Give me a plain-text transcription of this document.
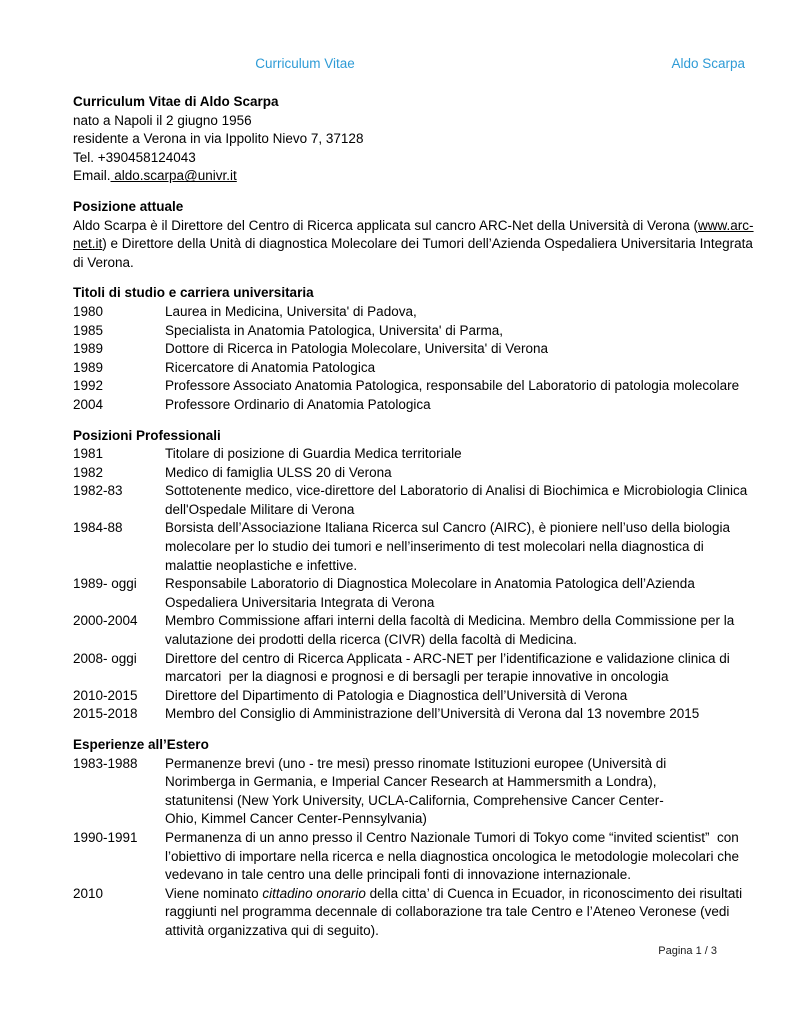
Curriculum Vitae	Aldo Scarpa
Curriculum Vitae di Aldo Scarpa
nato a Napoli il 2 giugno 1956
residente a Verona in via Ippolito Nievo 7, 37128
Tel. +390458124043
Email. aldo.scarpa@univr.it
Posizione attuale
Aldo Scarpa è il Direttore del Centro di Ricerca applicata sul cancro ARC-Net della Università di Verona (www.arc-
net.it) e Direttore della Unità di diagnostica Molecolare dei Tumori dell’Azienda Ospedaliera Universitaria Integrata
di Verona.
Titoli di studio e carriera universitaria
1980	Laurea in Medicina, Universita' di Padova,
1985	Specialista in Anatomia Patologica, Universita' di Parma,
1989	Dottore di Ricerca in Patologia Molecolare, Universita' di Verona
1989	Ricercatore di Anatomia Patologica
1992	Professore Associato Anatomia Patologica, responsabile del Laboratorio di patologia molecolare
2004	Professore Ordinario di Anatomia Patologica
Posizioni Professionali
1981	Titolare di posizione di Guardia Medica territoriale
1982	Medico di famiglia ULSS 20 di Verona
1982-83	Sottotenente medico, vice-direttore del Laboratorio di Analisi di Biochimica e Microbiologia Clinica
dell'Ospedale Militare di Verona
1984-88	Borsista dell’Associazione Italiana Ricerca sul Cancro (AIRC), è pioniere nell’uso della biologia
molecolare per lo studio dei tumori e nell’inserimento di test molecolari nella diagnostica di
malattie neoplastiche e infettive.
1989- oggi	Responsabile Laboratorio di Diagnostica Molecolare in Anatomia Patologica dell’Azienda
Ospedaliera Universitaria Integrata di Verona
2000-2004	Membro Commissione affari interni della facoltà di Medicina. Membro della Commissione per la
valutazione dei prodotti della ricerca (CIVR) della facoltà di Medicina.
2008- oggi	Direttore del centro di Ricerca Applicata - ARC-NET per l’identificazione e validazione clinica di
marcatori  per la diagnosi e prognosi e di bersagli per terapie innovative in oncologia
2010-2015	Direttore del Dipartimento di Patologia e Diagnostica dell’Università di Verona
2015-2018	Membro del Consiglio di Amministrazione dell’Università di Verona dal 13 novembre 2015
Esperienze all’Estero
1983-1988	Permanenze brevi (uno - tre mesi) presso rinomate Istituzioni europee (Università di
Norimberga in Germania, e Imperial Cancer Research at Hammersmith a Londra),
statunitensi (New York University, UCLA-California, Comprehensive Cancer Center-
Ohio, Kimmel Cancer Center-Pennsylvania)
1990-1991	Permanenza di un anno presso il Centro Nazionale Tumori di Tokyo come “invited scientist”  con
l’obiettivo di importare nella ricerca e nella diagnostica oncologica le metodologie molecolari che
vedevano in tale centro una delle principali fonti di innovazione internazionale.
2010	Viene nominato cittadino onorario della citta’ di Cuenca in Ecuador, in riconoscimento dei risultati
raggiunti nel programma decennale di collaborazione tra tale Centro e l’Ateneo Veronese (vedi
attività organizzativa qui di seguito).
Pagina 1 / 3
